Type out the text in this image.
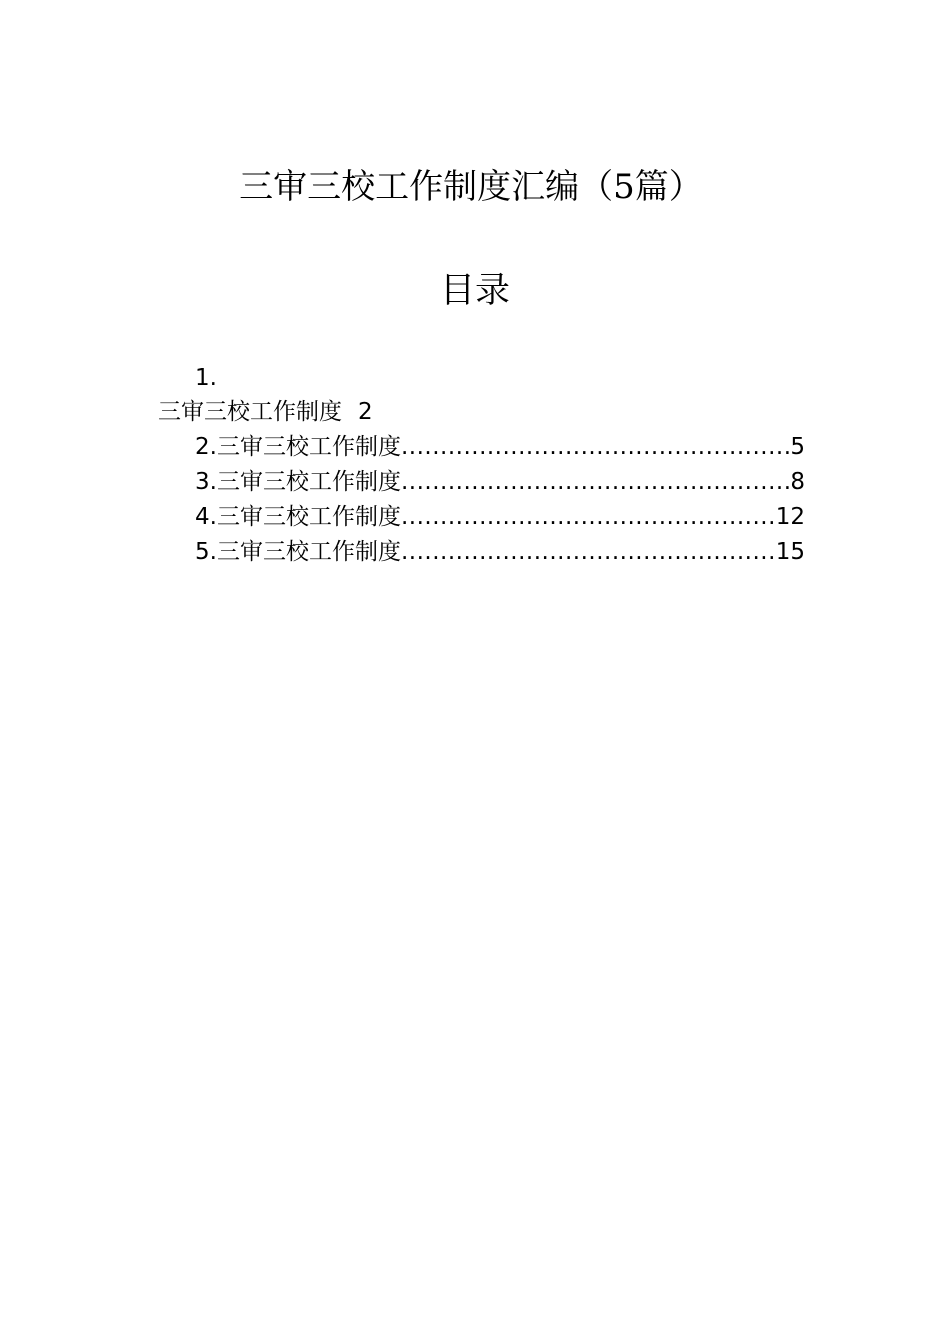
三审三校工作制度汇编（5篇）
目录
1.
三审三校工作制度 2
2.三审三校工作制度 .....	5
3.三审三校工作制度 .....	8
4.三审三校工作制度 .....	12
5.三审三校工作制度 .....	15
